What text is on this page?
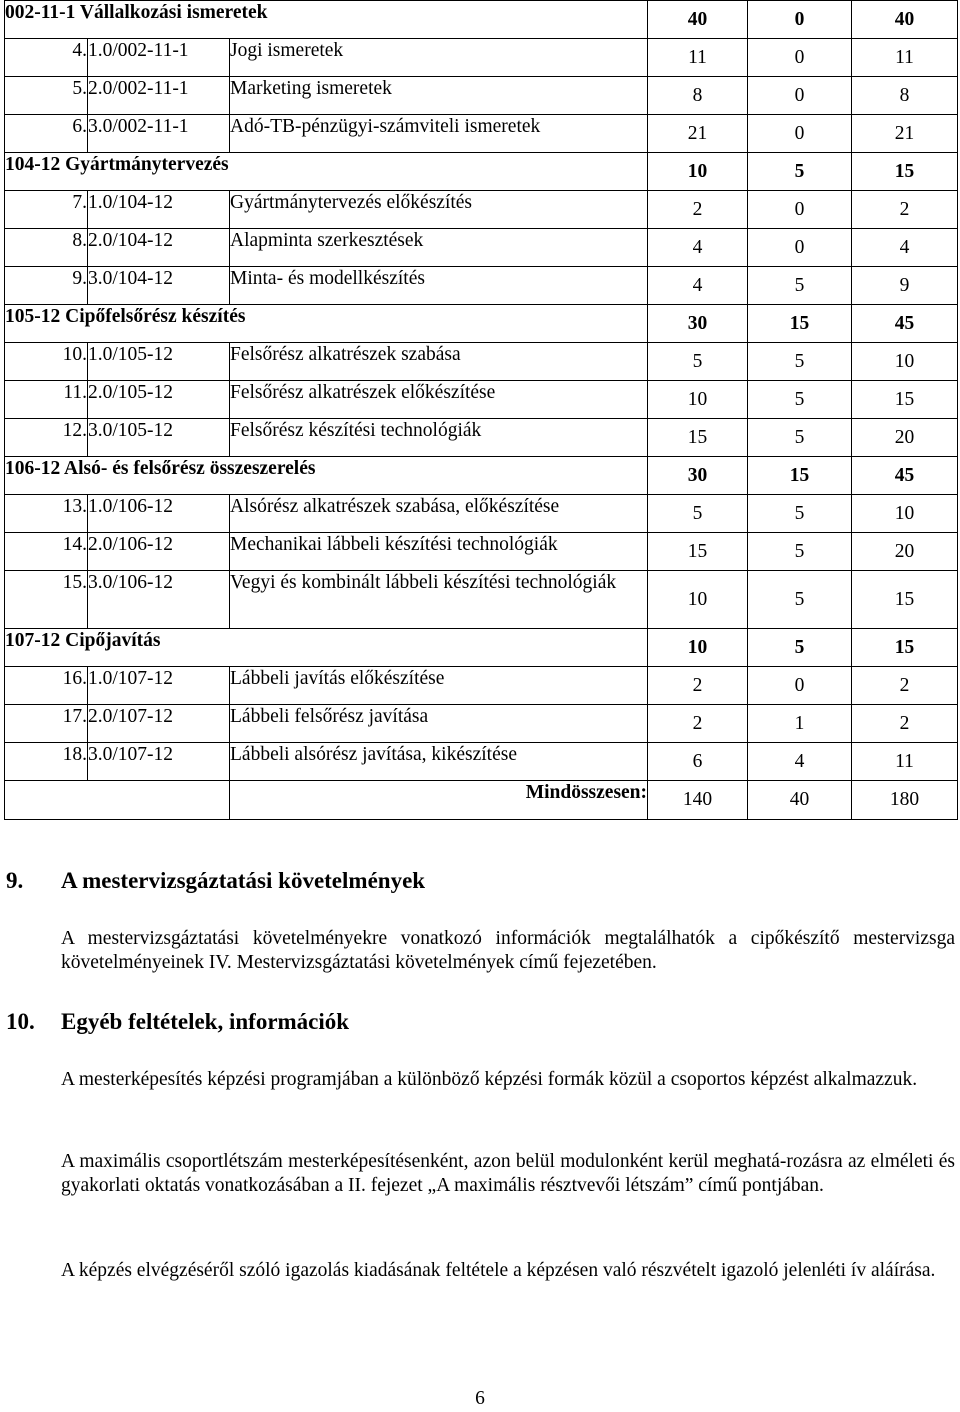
002-11-1 Vállalkozási ismeretek			40	0	40
4.	1.0/002-11-1	Jogi ismeretek	11	0	11
5.	2.0/002-11-1	Marketing ismeretek	8	0	8
6.	3.0/002-11-1	Adó-TB-pénzügyi-számviteli ismeretek	21	0	21
104-12 Gyártmánytervezés			10	5	15
7.	1.0/104-12	Gyártmánytervezés előkészítés	2	0	2
8.	2.0/104-12	Alapminta szerkesztések	4	0	4
9.	3.0/104-12	Minta- és modellkészítés	4	5	9
105-12 Cipőfelsőrész készítés			30	15	45
10.	1.0/105-12	Felsőrész alkatrészek szabása	5	5	10
11.	2.0/105-12	Felsőrész alkatrészek előkészítése	10	5	15
12.	3.0/105-12	Felsőrész készítési technológiák	15	5	20
106-12 Alsó- és felsőrész összeszerelés			30	15	45
13.	1.0/106-12	Alsórész alkatrészek szabása, előkészítése	5	5	10
14.	2.0/106-12	Mechanikai lábbeli készítési technológiák	15	5	20
15.	3.0/106-12	Vegyi és kombinált lábbeli készítési technológiák	10	5	15
107-12 Cipőjavítás			10	5	15
16.	1.0/107-12	Lábbeli javítás előkészítése	2	0	2
17.	2.0/107-12	Lábbeli felsőrész javítása	2	1	2
18.	3.0/107-12	Lábbeli alsórész javítása, kikészítése	6	4	11
		Mindösszesen:	140	40	180
9. A mestervizsgáztatási követelmények
A mestervizsgáztatási követelményekre vonatkozó információk megtalálhatók a cipőkészítő mestervizsga követelményeinek IV. Mestervizsgáztatási követelmények című fejezetében.
10. Egyéb feltételek, információk
A mesterképesítés képzési programjában a különböző képzési formák közül a csoportos képzést alkalmazzuk.
A maximális csoportlétszám mesterképesítésenként, azon belül modulonként kerül meghatá-rozásra az elméleti és gyakorlati oktatás vonatkozásában a II. fejezet „A maximális résztvevői létszám” című pontjában.
A képzés elvégzéséről szóló igazolás kiadásának feltétele a képzésen való részvételt igazoló jelenléti ív aláírása.
6
